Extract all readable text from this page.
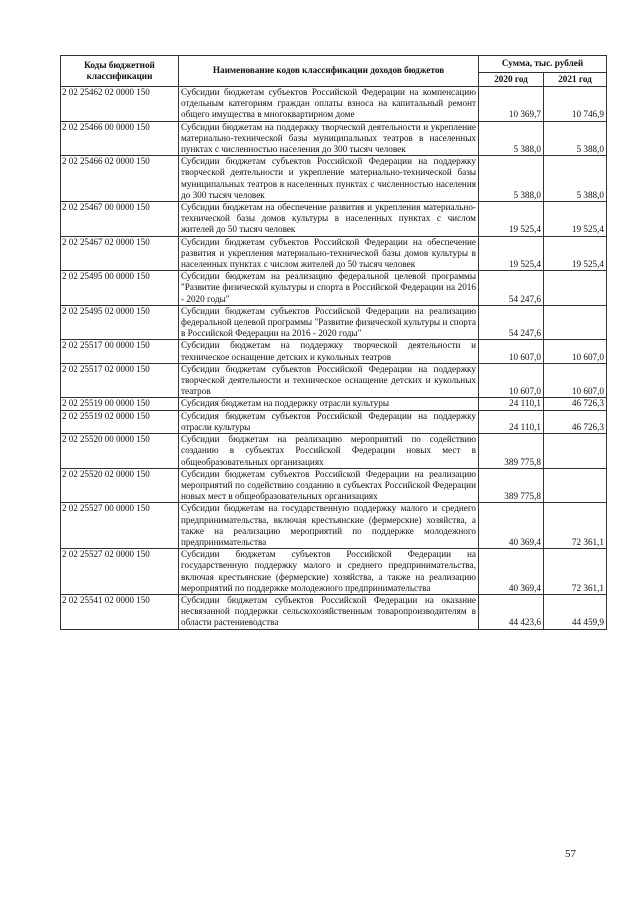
Коды бюджетной классификации	Наименование кодов классификации доходов бюджетов	Сумма, тыс. рублей	
		2020 год	2021 год
2 02 25462 02 0000 150	Субсидии бюджетам субъектов Российской Федерации на компенсацию отдельным категориям граждан оплаты взноса на капитальный ремонт общего имущества в многоквартирном доме	10 369,7	10 746,9
2 02 25466 00 0000 150	Субсидии бюджетам на поддержку творческой деятельности и укрепление материально-технической базы муниципальных театров в населенных пунктах с численностью населения до 300 тысяч человек	5 388,0	5 388,0
2 02 25466 02 0000 150	Субсидии бюджетам субъектов Российской Федерации на поддержку творческой деятельности и укрепление материально-технической базы муниципальных театров в населенных пунктах с численностью населения до 300 тысяч человек	5 388,0	5 388,0
2 02 25467 00 0000 150	Субсидии бюджетам на обеспечение развития и укрепления материально-технической базы домов культуры в населенных пунктах с числом жителей до 50 тысяч человек	19 525,4	19 525,4
2 02 25467 02 0000 150	Субсидии бюджетам субъектов Российской Федерации на обеспечение развития и укрепления материально-технической базы домов культуры в населенных пунктах с числом жителей до 50 тысяч человек	19 525,4	19 525,4
2 02 25495 00 0000 150	Субсидии бюджетам на реализацию федеральной целевой программы "Развитие физической культуры и спорта в Российской Федерации на 2016 - 2020 годы"	54 247,6	
2 02 25495 02 0000 150	Субсидии бюджетам субъектов Российской Федерации на реализацию федеральной целевой программы "Развитие физической культуры и спорта в Российской Федерации на 2016 - 2020 годы"	54 247,6	
2 02 25517 00 0000 150	Субсидии бюджетам на поддержку творческой деятельности и техническое оснащение детских и кукольных театров	10 607,0	10 607,0
2 02 25517 02 0000 150	Субсидии бюджетам субъектов Российской Федерации на поддержку творческой деятельности и техническое оснащение детских и кукольных театров	10 607,0	10 607,0
2 02 25519 00 0000 150	Субсидия бюджетам на поддержку отрасли культуры	24 110,1	46 726,3
2 02 25519 02 0000 150	Субсидия бюджетам субъектов Российской Федерации на поддержку отрасли культуры	24 110,1	46 726,3
2 02 25520 00 0000 150	Субсидии бюджетам на реализацию мероприятий по содействию созданию в субъектах Российской Федерации новых мест в общеобразовательных организациях	389 775,8	
2 02 25520 02 0000 150	Субсидии бюджетам субъектов Российской Федерации на реализацию мероприятий по содействию созданию в субъектах Российской Федерации новых мест в общеобразовательных организациях	389 775,8	
2 02 25527 00 0000 150	Субсидии бюджетам на государственную поддержку малого и среднего предпринимательства, включая крестьянские (фермерские) хозяйства, а также на реализацию мероприятий по поддержке молодежного предпринимательства	40 369,4	72 361,1
2 02 25527 02 0000 150	Субсидии бюджетам субъектов Российской Федерации на государственную поддержку малого и среднего предпринимательства, включая крестьянские (фермерские) хозяйства, а также на реализацию мероприятий по поддержке молодежного предпринимательства	40 369,4	72 361,1
2 02 25541 02 0000 150	Субсидии бюджетам субъектов Российской Федерации на оказание несвязанной поддержки сельскохозяйственным товаропроизводителям в области растениеводства	44 423,6	44 459,9
57
